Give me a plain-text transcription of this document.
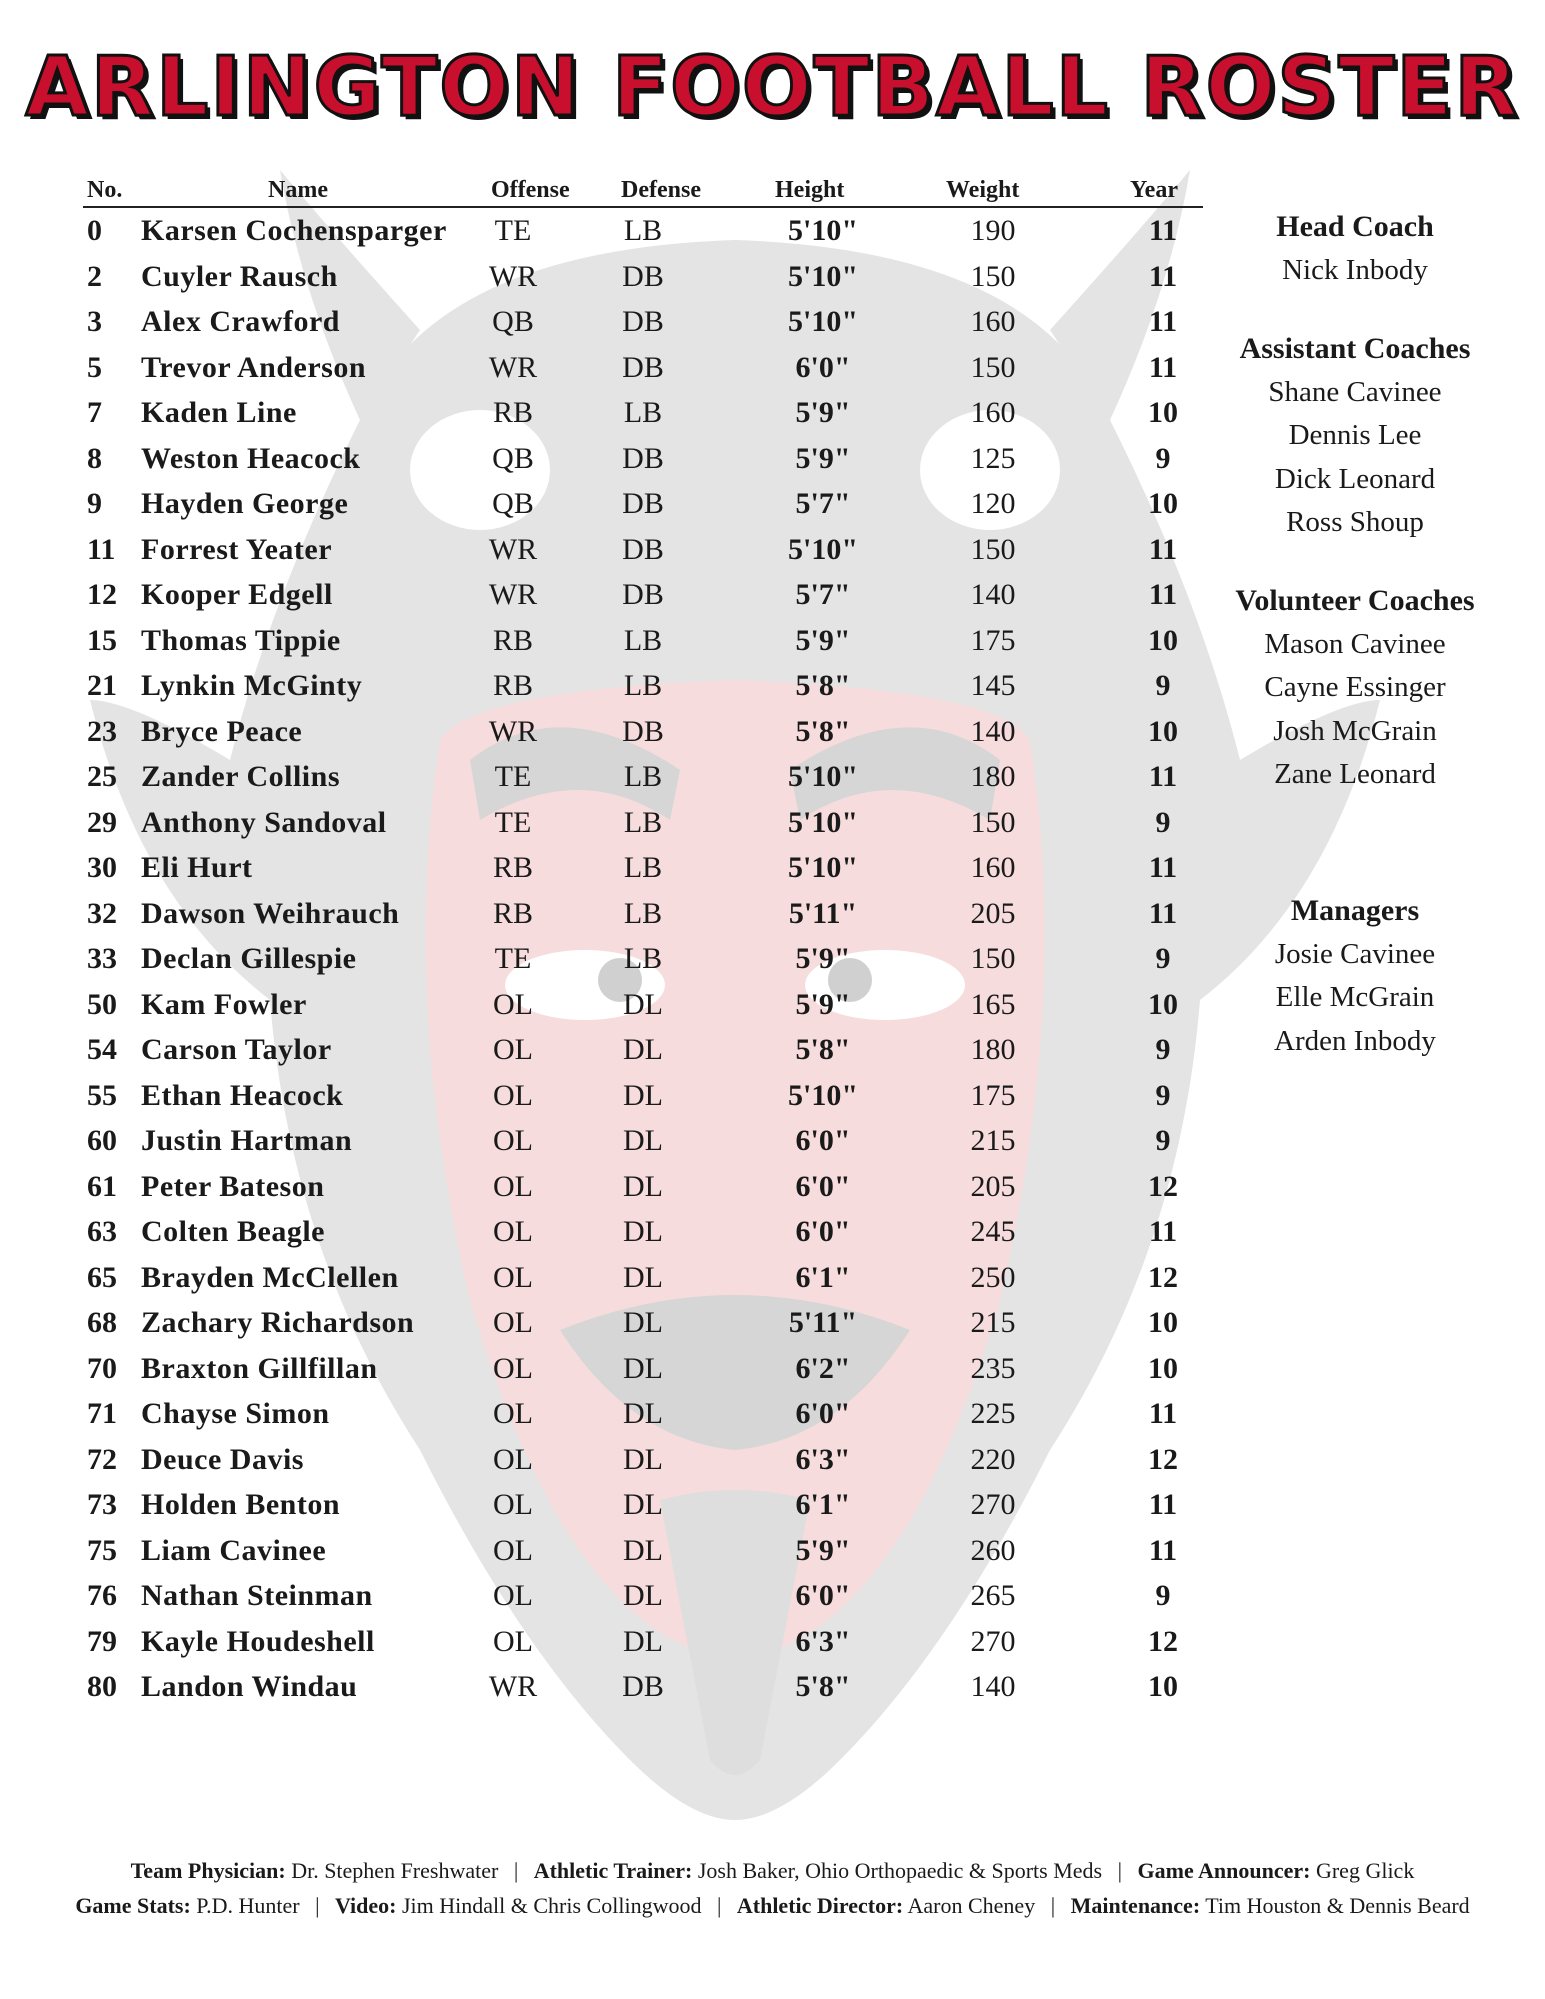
ARLINGTON FOOTBALL ROSTER
No.	Name	Offense Defense	Height	Weight	Year
0	Karsen Cochensparger	TE	LB	5'10"	190	11
2	Cuyler Rausch	WR	DB	5'10"	150	11
3	Alex Crawford	QB	DB	5'10"	160	11
5	Trevor Anderson	WR	DB	6'0"	150	11
7	Kaden Line	RB	LB	5'9"	160	10
8	Weston Heacock	QB	DB	5'9"	125	9
9	Hayden George	QB	DB	5'7"	120	10
11 Forrest Yeater	WR	DB	5'10"	150	11
12 Kooper Edgell	WR	DB	5'7"	140	11
15 Thomas Tippie	RB	LB	5'9"	175	10
21 Lynkin McGinty	RB	LB	5'8"	145	9
23 Bryce Peace	WR	DB	5'8"	140	10
25 Zander Collins	TE	LB	5'10"	180	11
29 Anthony Sandoval	TE	LB	5'10"	150	9
30 Eli Hurt	RB	LB	5'10"	160	11
32 Dawson Weihrauch	RB	LB	5'11"	205	11
33 Declan Gillespie	TE	LB	5'9"	150	9
50 Kam Fowler	OL	DL	5'9"	165	10
54 Carson Taylor	OL	DL	5'8"	180	9
55 Ethan Heacock	OL	DL	5'10"	175	9
60 Justin Hartman	OL	DL	6'0"	215	9
61 Peter Bateson	OL	DL	6'0"	205	12
63 Colten Beagle	OL	DL	6'0"	245	11
65 Brayden McClellen	OL	DL	6'1"	250	12
68 Zachary Richardson	OL	DL	5'11"	215	10
70 Braxton Gillfillan	OL	DL	6'2"	235	10
71 Chayse Simon	OL	DL	6'0"	225	11
72 Deuce Davis	OL	DL	6'3"	220	12
73 Holden Benton	OL	DL	6'1"	270	11
75 Liam Cavinee	OL	DL	5'9"	260	11
76 Nathan Steinman	OL	DL	6'0"	265	9
79 Kayle Houdeshell	OL	DL	6'3"	270	12
80 Landon Windau	WR	DB	5'8"	140	10
Head Coach
Nick Inbody
Assistant Coaches
Shane Cavinee
Dennis Lee
Dick Leonard
Ross Shoup
Volunteer Coaches
Mason Cavinee
Cayne Essinger
Josh McGrain
Zane Leonard
Managers
Josie Cavinee
Elle McGrain
Arden Inbody
Team Physician: Dr. Stephen Freshwater | Athletic Trainer: Josh Baker, Ohio Orthopaedic & Sports Meds | Game Announcer: Greg Glick
Game Stats: P.D. Hunter | Video: Jim Hindall & Chris Collingwood | Athletic Director: Aaron Cheney | Maintenance: Tim Houston & Dennis Beard
